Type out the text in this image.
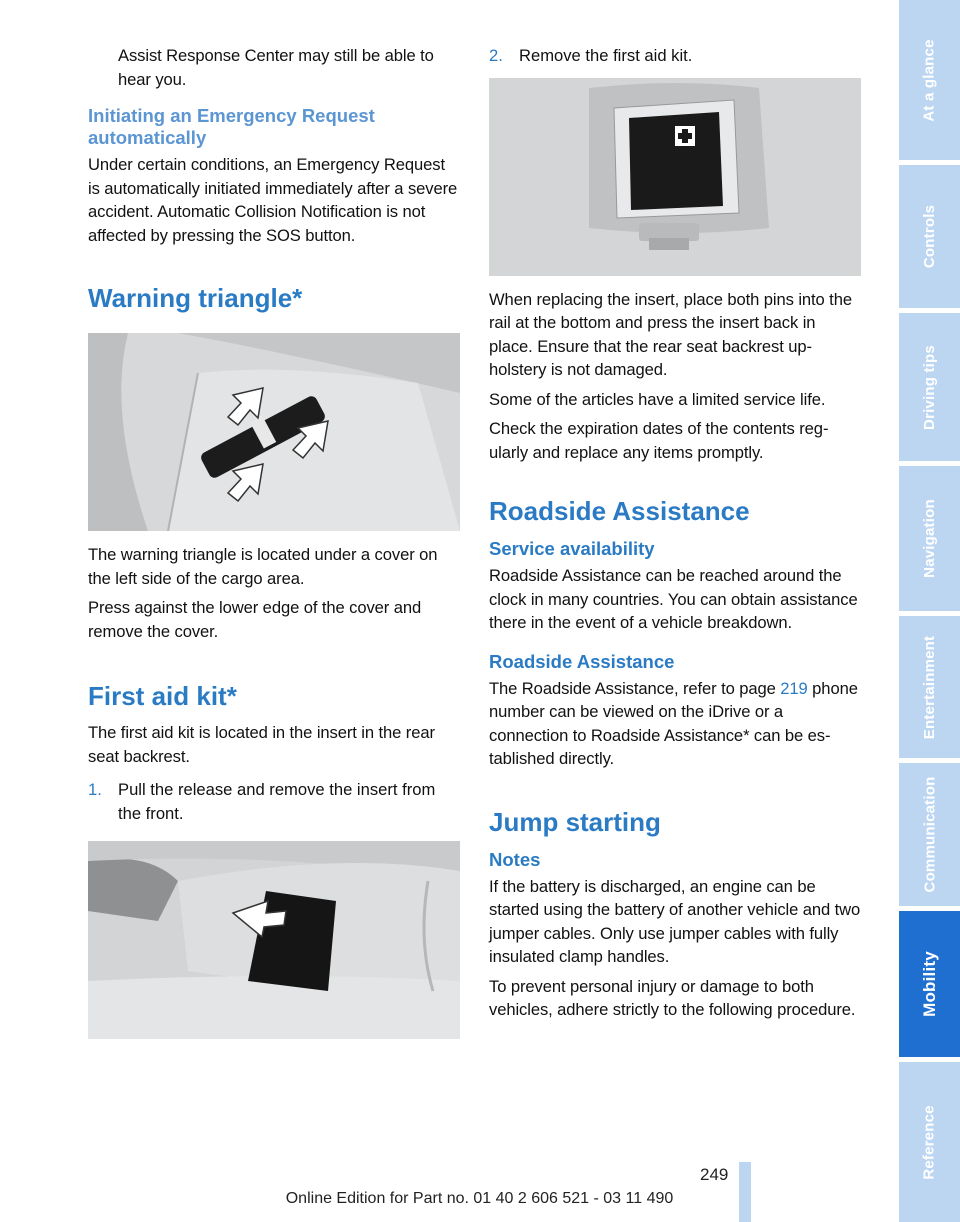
Assist Response Center may still be able to hear you.

Initiating an Emergency Request automatically

Under certain conditions, an Emergency Request is automatically initiated immediately after a severe accident. Automatic Collision Notification is not affected by pressing the SOS button.

Warning triangle*

The warning triangle is located under a cover on the left side of the cargo area.

Press against the lower edge of the cover and remove the cover.

First aid kit*

The first aid kit is located in the insert in the rear seat backrest.

1. Pull the release and remove the insert from the front.
2. Remove the first aid kit.

When replacing the insert, place both pins into the rail at the bottom and press the insert back in place. Ensure that the rear seat backrest upholstery is not damaged.

Some of the articles have a limited service life.

Check the expiration dates of the contents regularly and replace any items promptly.

Roadside Assistance
Service availability

Roadside Assistance can be reached around the clock in many countries. You can obtain assistance there in the event of a vehicle breakdown.

Roadside Assistance

The Roadside Assistance, refer to page 219 phone number can be viewed on the iDrive or a connection to Roadside Assistance* can be established directly.

Jump starting
Notes

If the battery is discharged, an engine can be started using the battery of another vehicle and two jumper cables. Only use jumper cables with fully insulated clamp handles.

To prevent personal injury or damage to both vehicles, adhere strictly to the following procedure.

At a glance
Controls
Driving tips
Navigation
Entertainment
Communication
Mobility
Reference
249
Online Edition for Part no. 01 40 2 606 521 - 03 11 490
